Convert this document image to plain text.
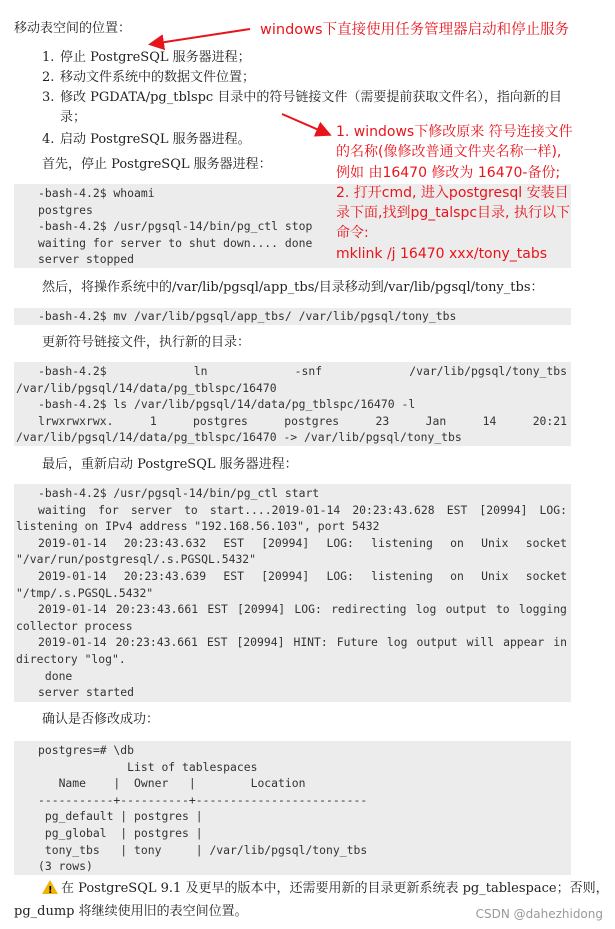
移动表空间的位置：
1. 停止 PostgreSQL 服务器进程；
2. 移动文件系统中的数据文件位置；
3. 修改 PGDATA/pg_tblspc 目录中的符号链接文件（需要提前获取文件名），指向新的目
录；
4. 启动 PostgreSQL 服务器进程。
首先，停止 PostgreSQL 服务器进程：
-bash-4.2$ whoami
postgres
-bash-4.2$ /usr/pgsql-14/bin/pg_ctl stop
waiting for server to shut down.... done
server stopped
然后，将操作系统中的/var/lib/pgsql/app_tbs/目录移动到/var/lib/pgsql/tony_tbs：
-bash-4.2$ mv /var/lib/pgsql/app_tbs/ /var/lib/pgsql/tony_tbs
更新符号链接文件，执行新的目录：
-bash-4.2$	ln	-snf	/var/lib/pgsql/tony_tbs
/var/lib/pgsql/14/data/pg_tblspc/16470
-bash-4.2$ ls /var/lib/pgsql/14/data/pg_tblspc/16470 -l
lrwxrwxrwx.	1	postgres	postgres	23	Jan	14	20:21
/var/lib/pgsql/14/data/pg_tblspc/16470 -> /var/lib/pgsql/tony_tbs
最后，重新启动 PostgreSQL 服务器进程：
-bash-4.2$ /usr/pgsql-14/bin/pg_ctl start
waiting for server to start....2019-01-14 20:23:43.628 EST [20994] LOG:
listening on IPv4 address "192.168.56.103", port 5432
2019-01-14 20:23:43.632 EST [20994] LOG: listening on Unix socket
"/var/run/postgresql/.s.PGSQL.5432"
2019-01-14 20:23:43.639 EST [20994] LOG: listening on Unix socket
"/tmp/.s.PGSQL.5432"
2019-01-14 20:23:43.661 EST [20994] LOG: redirecting log output to logging
collector process
2019-01-14 20:23:43.661 EST [20994] HINT: Future log output will appear in
directory "log".
done
server started
确认是否修改成功：
postgres=# \db
List of tablespaces
Name    |  Owner   |        Location
-----------+----------+-------------------------
pg_default | postgres |
pg_global  | postgres |
tony_tbs   | tony     | /var/lib/pgsql/tony_tbs
(3 rows)
!在 PostgreSQL 9.1 及更早的版本中，还需要用新的目录更新系统表 pg_tablespace；否则，
pg_dump 将继续使用旧的表空间位置。
windows下直接使用任务管理器启动和停止服务
1. windows下修改原来 符号连接文件
的名称(像修改普通文件夹名称一样),
例如 由16470 修改为 16470-备份;
2. 打开cmd, 进入postgresql 安装目
录下面,找到pg_talspc目录, 执行以下
命令:
mklink /j 16470 xxx/tony_tabs
CSDN @dahezhidong
